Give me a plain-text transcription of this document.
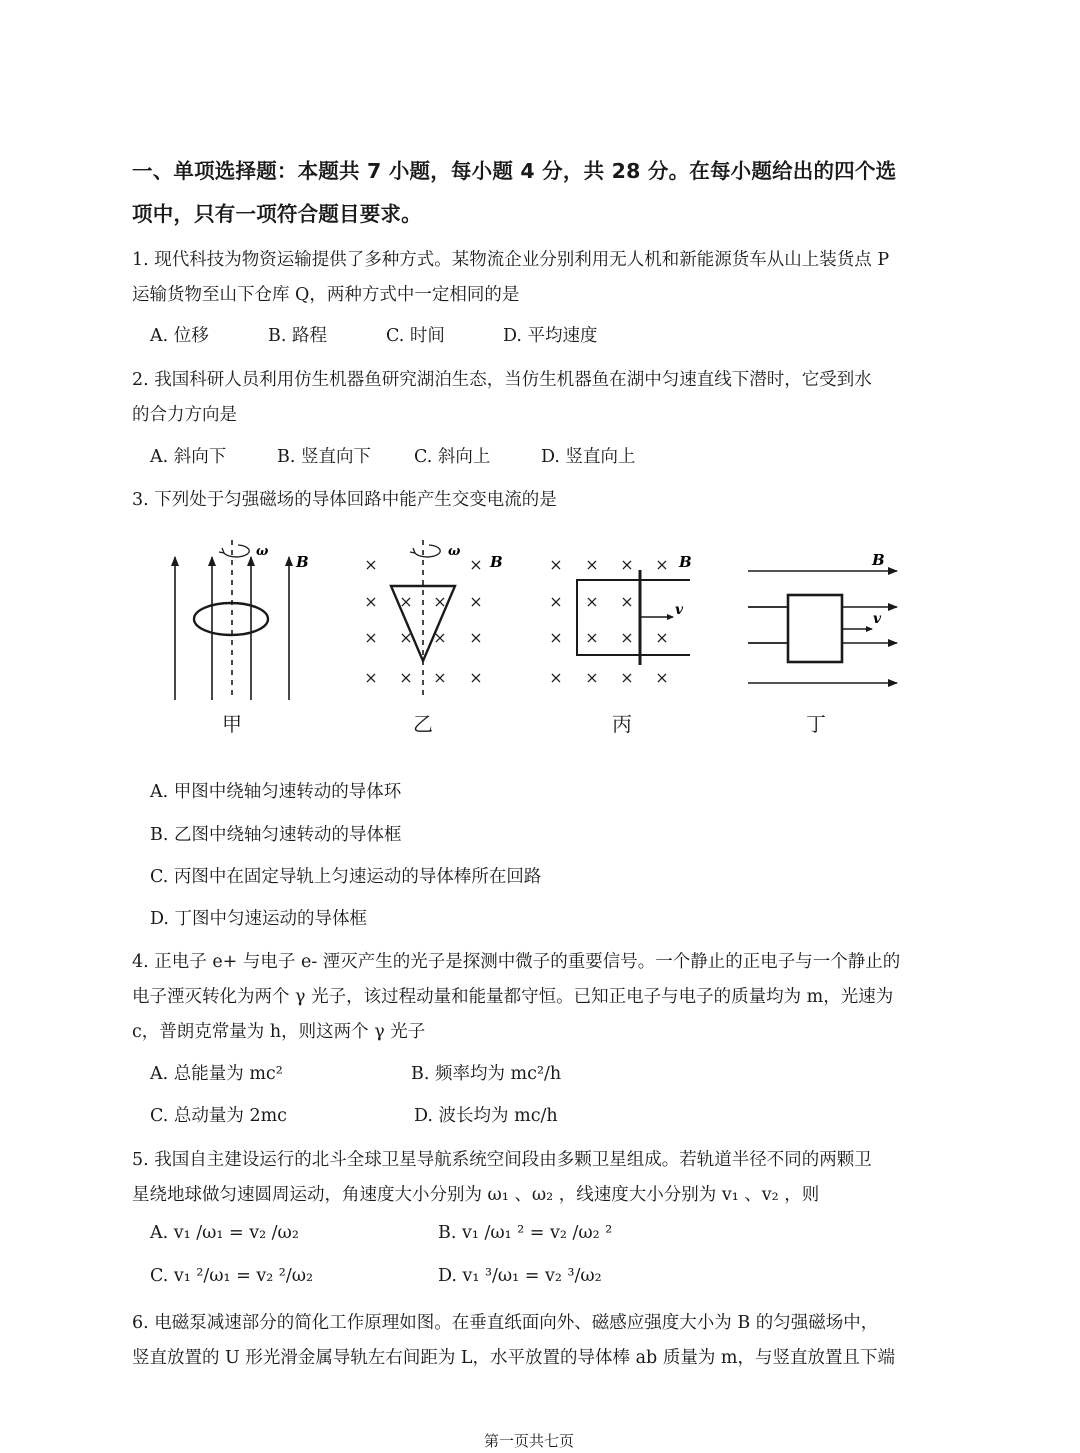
一、单项选择题：本题共 7 小题，每小题 4 分，共 28 分。在每小题给出的四个选
项中，只有一项符合题目要求。
1. 现代科技为物资运输提供了多种方式。某物流企业分别利用无人机和新能源货车从山上装货点 P
运输货物至山下仓库 Q，两种方式中一定相同的是
A. 位移	B. 路程	C. 时间	D. 平均速度
2. 我国科研人员利用仿生机器鱼研究湖泊生态，当仿生机器鱼在湖中匀速直线下潜时，它受到水
的合力方向是
A. 斜向下	B. 竖直向下 C. 斜向上	D. 竖直向上
3. 下列处于匀强磁场的导体回路中能产生交变电流的是
ω
B	×	×
× × × ×
× × × ×
× × × ×
ω
B	× × × ×
× × ×
× × × ×
× × × ×
v
B
v
B
甲	乙	丙	丁
A. 甲图中绕轴匀速转动的导体环
B. 乙图中绕轴匀速转动的导体框
C. 丙图中在固定导轨上匀速运动的导体棒所在回路
D. 丁图中匀速运动的导体框
4. 正电子 e+ 与电子 e- 湮灭产生的光子是探测中微子的重要信号。一个静止的正电子与一个静止的
电子湮灭转化为两个 γ 光子，该过程动量和能量都守恒。已知正电子与电子的质量均为 m，光速为
c，普朗克常量为 h，则这两个 γ 光子
A. 总能量为 mc²	B. 频率均为 mc²/h
C. 总动量为 2mc	D. 波长均为 mc/h
5. 我国自主建设运行的北斗全球卫星导航系统空间段由多颗卫星组成。若轨道半径不同的两颗卫
星绕地球做匀速圆周运动，角速度大小分别为 ω₁ 、ω₂ ，线速度大小分别为 v₁ 、v₂ ，则
A. v₁ /ω₁ = v₂ /ω₂	B. v₁ /ω₁ ² = v₂ /ω₂ ²
C. v₁ ²/ω₁ = v₂ ²/ω₂	D. v₁ ³/ω₁ = v₂ ³/ω₂
6. 电磁泵减速部分的简化工作原理如图。在垂直纸面向外、磁感应强度大小为 B 的匀强磁场中，
竖直放置的 U 形光滑金属导轨左右间距为 L，水平放置的导体棒 ab 质量为 m，与竖直放置且下端
第一页共七页
